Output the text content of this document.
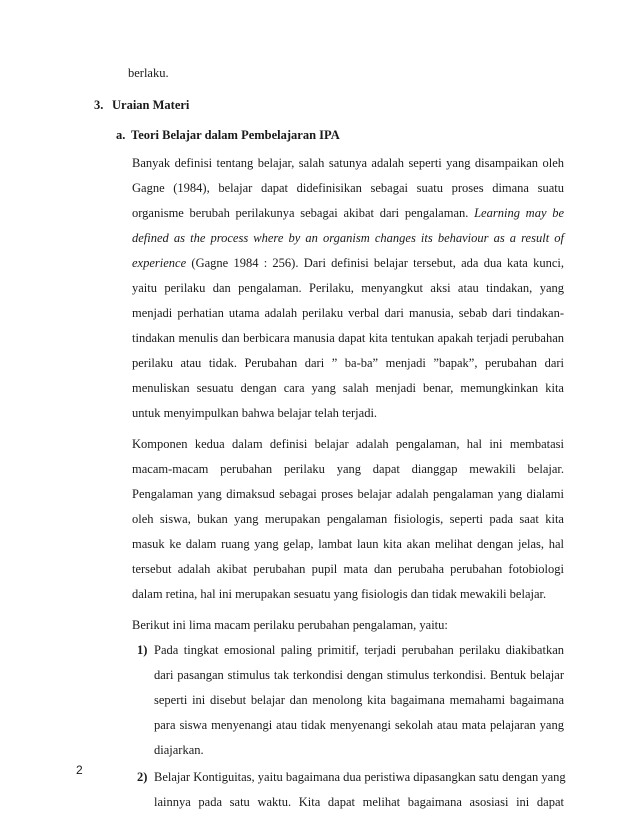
berlaku.
3. Uraian Materi
a. Teori Belajar dalam Pembelajaran IPA
Banyak definisi tentang belajar, salah satunya adalah seperti yang disampaikan oleh
Gagne (1984), belajar dapat didefinisikan sebagai suatu proses dimana suatu
organisme berubah perilakunya sebagai akibat dari pengalaman. Learning may be
defined as the process where by an organism changes its behaviour as a result of
experience (Gagne 1984 : 256). Dari definisi belajar tersebut, ada dua kata kunci,
yaitu perilaku dan pengalaman. Perilaku, menyangkut aksi atau tindakan, yang
menjadi perhatian utama adalah perilaku verbal dari manusia, sebab dari tindakan-
tindakan menulis dan berbicara manusia dapat kita tentukan apakah terjadi perubahan
perilaku atau tidak. Perubahan dari ” ba-ba” menjadi ”bapak”, perubahan dari
menuliskan sesuatu dengan cara yang salah menjadi benar, memungkinkan kita
untuk menyimpulkan bahwa belajar telah terjadi.
Komponen kedua dalam definisi belajar adalah pengalaman, hal ini membatasi
macam-macam perubahan perilaku yang dapat dianggap mewakili belajar.
Pengalaman yang dimaksud sebagai proses belajar adalah pengalaman yang dialami
oleh siswa, bukan yang merupakan pengalaman fisiologis, seperti pada saat kita
masuk ke dalam ruang yang gelap, lambat laun kita akan melihat dengan jelas, hal
tersebut adalah akibat perubahan pupil mata dan perubaha perubahan fotobiologi
dalam retina, hal ini merupakan sesuatu yang fisiologis dan tidak mewakili belajar.
Berikut ini lima macam perilaku perubahan pengalaman, yaitu:
1) Pada tingkat emosional paling primitif, terjadi perubahan perilaku diakibatkan
dari pasangan stimulus tak terkondisi dengan stimulus terkondisi. Bentuk belajar
seperti ini disebut belajar dan menolong kita bagaimana memahami bagaimana
para siswa menyenangi atau tidak menyenangi sekolah atau mata pelajaran yang
diajarkan.
2) Belajar Kontiguitas, yaitu bagaimana dua peristiwa dipasangkan satu dengan yang
lainnya pada satu waktu. Kita dapat melihat bagaimana asosiasi ini dapat
2
